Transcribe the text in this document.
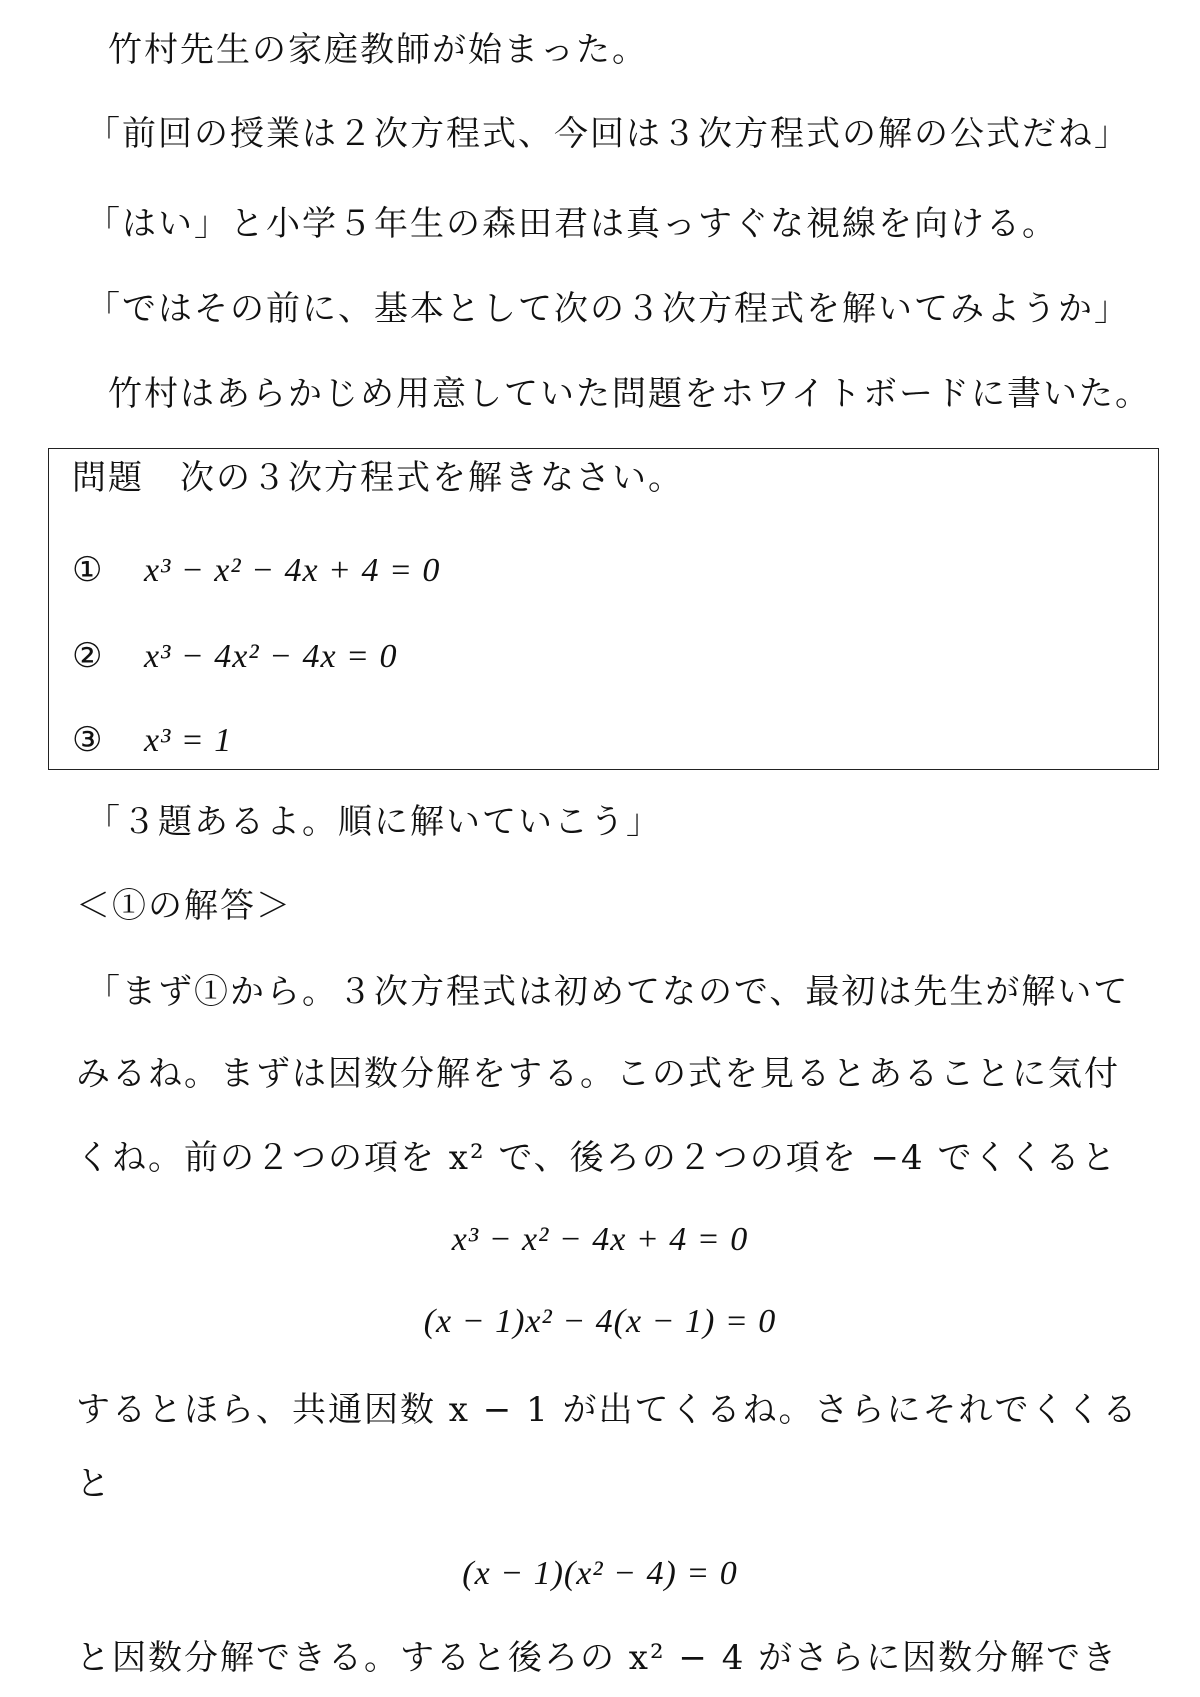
竹村先生の家庭教師が始まった。
「前回の授業は２次方程式、今回は３次方程式の解の公式だね」
「はい」と小学５年生の森田君は真っすぐな視線を向ける。
「ではその前に、基本として次の３次方程式を解いてみようか」
竹村はあらかじめ用意していた問題をホワイトボードに書いた。
問題　次の３次方程式を解きなさい。
① x³ − x² − 4x + 4 = 0
② x³ − 4x² − 4x = 0
③ x³ = 1
「３題あるよ。順に解いていこう」
＜①の解答＞
「まず①から。３次方程式は初めてなので、最初は先生が解いて
みるね。まずは因数分解をする。この式を見るとあることに気付
くね。前の２つの項を x² で、後ろの２つの項を −4 でくくると
x³ − x² − 4x + 4 = 0
(x − 1)x² − 4(x − 1) = 0
するとほら、共通因数 x − 1 が出てくるね。さらにそれでくくる
と
(x − 1)(x² − 4) = 0
と因数分解できる。すると後ろの x² − 4 がさらに因数分解でき
